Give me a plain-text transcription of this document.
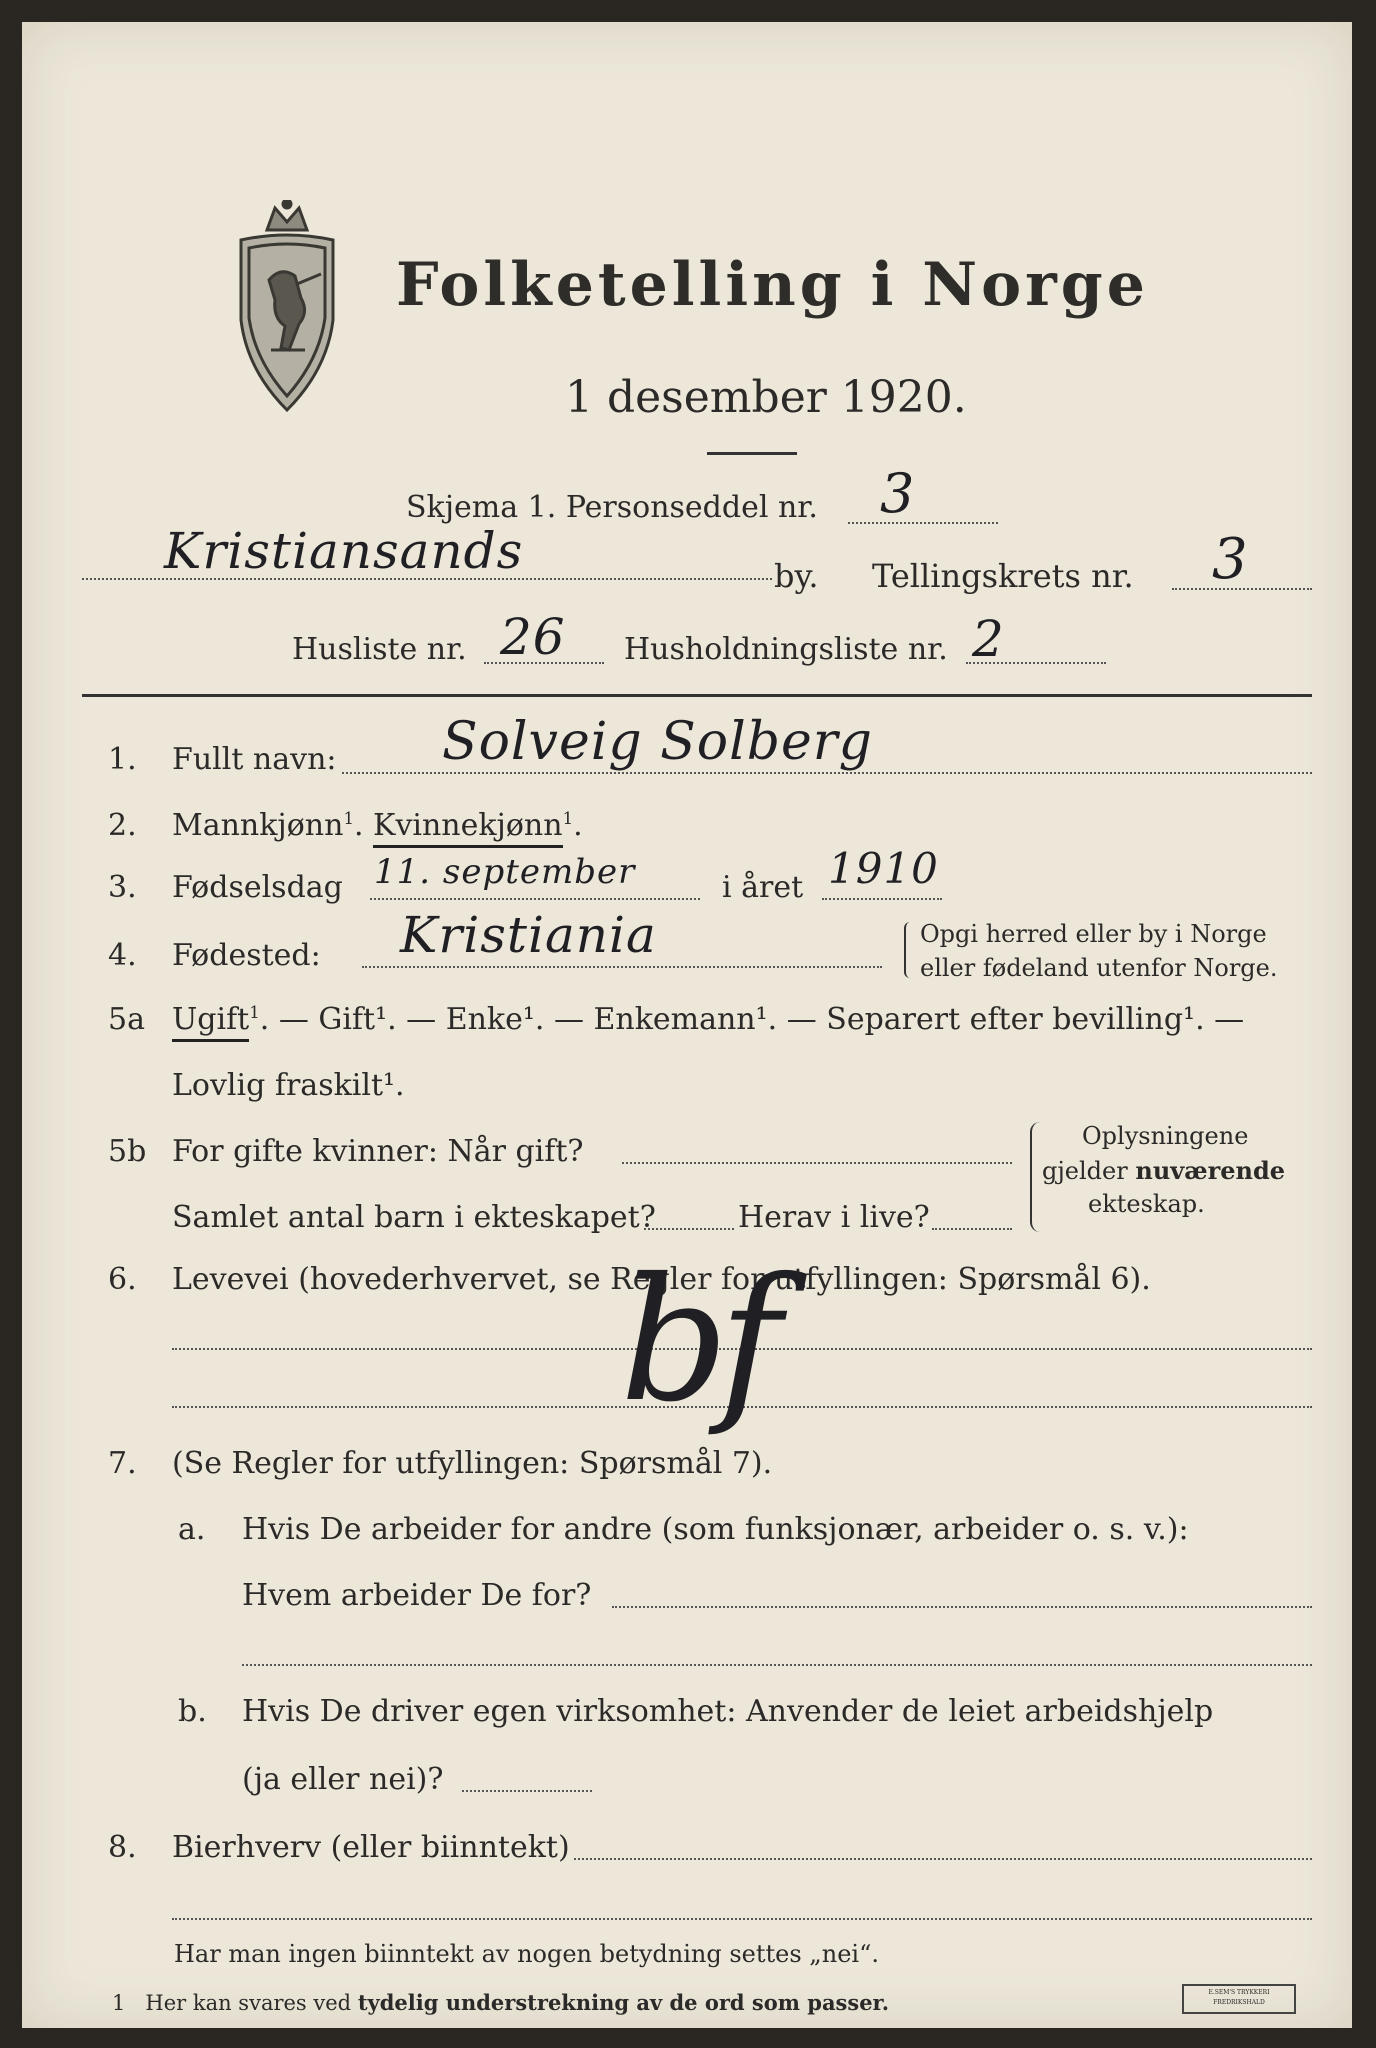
Folketelling i Norge
1 desember 1920.
Skjema 1. Personseddel nr. 3
Kristiansands	by. Tellingskrets nr. 3
Husliste nr. 26 Husholdningsliste nr. 2
1. Fullt navn: Solveig Solberg
2. Mannkjønn$^1$. Kvinnekjønn$^1$.
3. Fødselsdag 11. september	i året 1910
4. Fødested: Kristiania	Opgi herred eller by i Norge
eller fødeland utenfor Norge.
5a Ugift$^1$. — Gift¹. — Enke¹. — Enkemann¹. — Separert efter bevilling¹. —
Lovlig fraskilt¹.
5b For gifte kvinner: Når gift?
Samlet antal barn i ekteskapet?	Herav i live?
Oplysningene
gjelder nuværende
ekteskap.
6. Levevei (hovederhvervet, se Regler for utfyllingen: Spørsmål 6).
bf
7. (Se Regler for utfyllingen: Spørsmål 7).
a. Hvis De arbeider for andre (som funksjonær, arbeider o. s. v.):
Hvem arbeider De for?
b. Hvis De driver egen virksomhet: Anvender de leiet arbeidshjelp
(ja eller nei)?
8. Bierhverv (eller biinntekt)
Har man ingen biinntekt av nogen betydning settes „nei“.
1 Her kan svares ved tydelig understrekning av de ord som passer.	E.SEM'S TRYKKERI
FREDRIKSHALD
